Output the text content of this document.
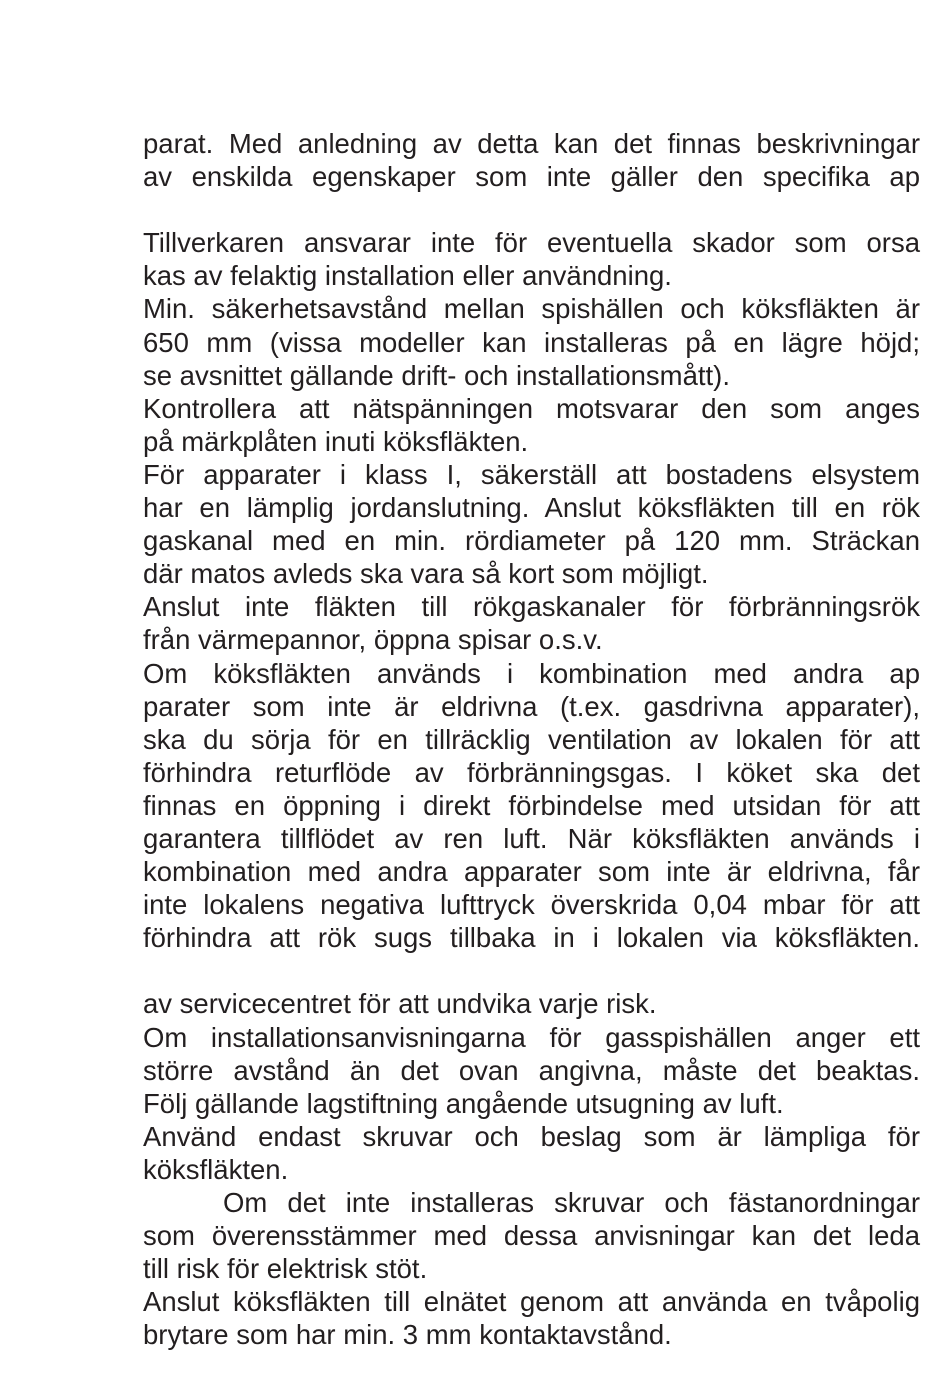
parat. Med anledning av detta kan det finnas beskrivningar
av enskilda egenskaper som inte gäller den specifika ap
Tillverkaren ansvarar inte för eventuella skador som orsa
kas av felaktig installation eller användning.
Min. säkerhetsavstånd mellan spishällen och köksfläkten är
650 mm (vissa modeller kan installeras på en lägre höjd;
se avsnittet gällande drift- och installationsmått).
Kontrollera att nätspänningen motsvarar den som anges
på märkplåten inuti köksfläkten.
För apparater i klass I, säkerställ att bostadens elsystem
har en lämplig jordanslutning. Anslut köksfläkten till en rök
gaskanal med en min. rördiameter på 120 mm. Sträckan
där matos avleds ska vara så kort som möjligt.
Anslut inte fläkten till rökgaskanaler för förbränningsrök
från värmepannor, öppna spisar o.s.v.
Om köksfläkten används i kombination med andra ap
parater som inte är eldrivna (t.ex. gasdrivna apparater),
ska du sörja för en tillräcklig ventilation av lokalen för att
förhindra returflöde av förbränningsgas. I köket ska det
finnas en öppning i direkt förbindelse med utsidan för att
garantera tillflödet av ren luft. När köksfläkten används i
kombination med andra apparater som inte är eldrivna, får
inte lokalens negativa lufttryck överskrida 0,04 mbar för att
förhindra att rök sugs tillbaka in i lokalen via köksfläkten.
av servicecentret för att undvika varje risk.
Om installationsanvisningarna för gasspishällen anger ett
större avstånd än det ovan angivna, måste det beaktas.
Följ gällande lagstiftning angående utsugning av luft.
Använd endast skruvar och beslag som är lämpliga för
köksfläkten.
Om det inte installeras skruvar och fästanordningar
som överensstämmer med dessa anvisningar kan det leda
till risk för elektrisk stöt.
Anslut köksfläkten till elnätet genom att använda en tvåpolig
brytare som har min. 3 mm kontaktavstånd.
